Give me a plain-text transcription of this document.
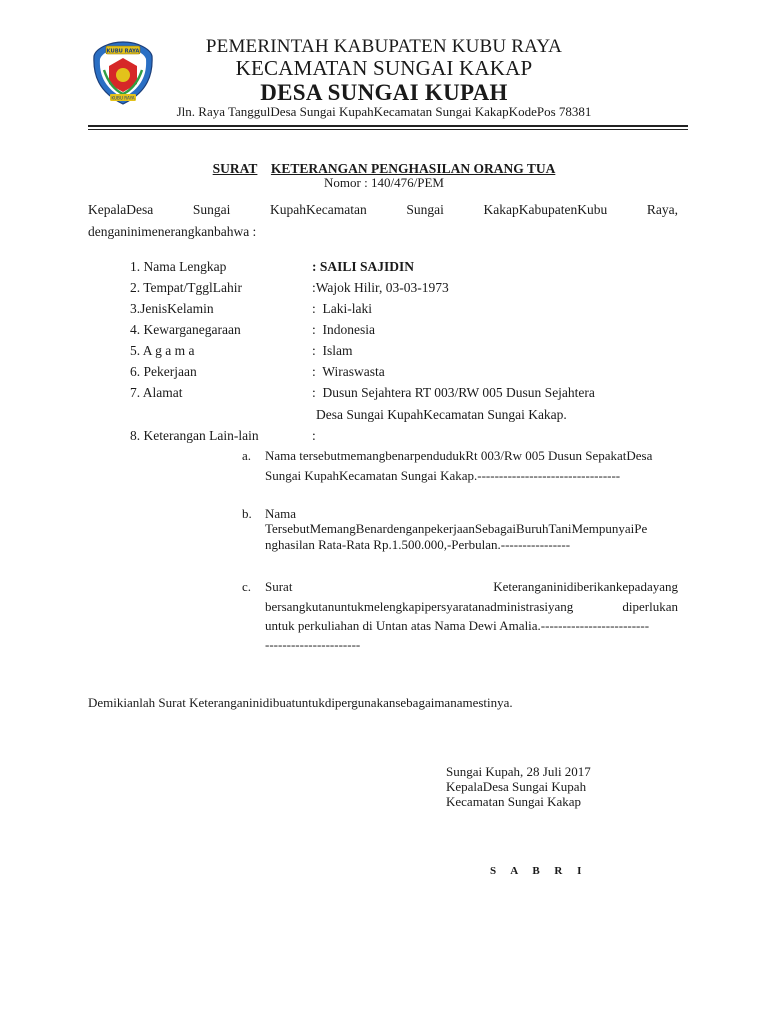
KUBU RAYA
KUBU RAYA
PEMERINTAH KABUPATEN KUBU RAYA
KECAMATAN SUNGAI KAKAP
DESA SUNGAI KUPAH
Jln. Raya TanggulDesa Sungai KupahKecamatan Sungai KakapKodePos 78381
SURAT KETERANGAN PENGHASILAN ORANG TUA
Nomor : 140/476/PEM
KepalaDesa	Sungai	KupahKecamatan	Sungai	KakapKabupatenKubu	Raya,
denganinimenerangkanbahwa :
1. Nama Lengkap	: SAILI SAJIDIN
2. Tempat/TgglLahir	:Wajok Hilir, 03-03-1973
3.JenisKelamin	:  Laki-laki
4. Kewarganegaraan	:  Indonesia
5. A g a m a	:  Islam
6. Pekerjaan	:  Wiraswasta
7. Alamat	:  Dusun Sejahtera RT 003/RW 005 Dusun Sejahtera
Desa Sungai KupahKecamatan Sungai Kakap.
8. Keterangan Lain-lain	:
a. Nama tersebutmemangbenarpendudukRt 003/Rw 005 Dusun SepakatDesa
Sungai KupahKecamatan Sungai Kakap.---------------------------------
b. Nama
TersebutMemangBenardenganpekerjaanSebagaiBuruhTaniMempunyaiPe
nghasilan Rata-Rata Rp.1.500.000,-Perbulan.----------------
c. Surat	Keteranganinidiberikankepadayang
bersangkutanuntukmelengkapipersyaratanadministrasiyang	diperlukan
untuk perkuliahan di Untan atas Nama Dewi Amalia.-------------------------
----------------------
Demikianlah Surat Keteranganinidibuatuntukdipergunakansebagaimanamestinya.
Sungai Kupah, 28 Juli 2017
KepalaDesa Sungai Kupah
Kecamatan Sungai Kakap
S A B R I
